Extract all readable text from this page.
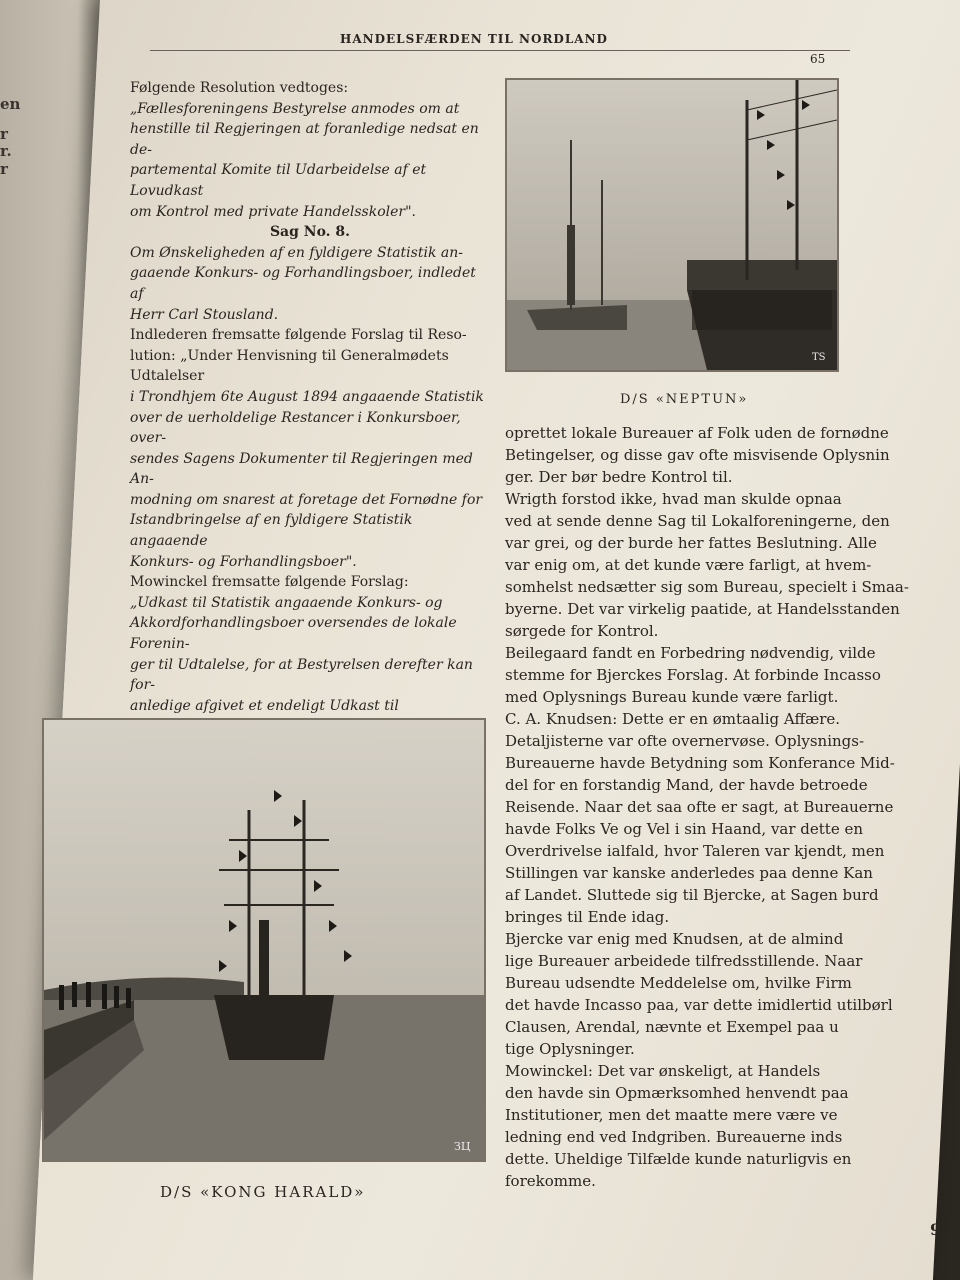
en
r
r.
r
HANDELSFÆRDEN TIL NORDLAND
65

Følgende Resolution vedtoges:

„Fællesforeningens Bestyrelse anmodes om at

henstille til Regjeringen at foranledige nedsat en de-

partemental Komite til Udarbeidelse af et Lovudkast

om Kontrol med private Handelsskoler".

Sag No. 8.

Om Ønskeligheden af en fyldigere Statistik an-

gaaende Konkurs- og Forhandlingsboer, indledet af

Herr Carl Stousland.

Indlederen fremsatte følgende Forslag til Reso-

lution: „Under Henvisning til Generalmødets Udtalelser

i Trondhjem 6te August 1894 angaaende Statistik

over de uerholdelige Restancer i Konkursboer, over-

sendes Sagens Dokumenter til Regjeringen med An-

modning om snarest at foretage det Fornødne for

Istandbringelse af en fyldigere Statistik angaaende

Konkurs- og Forhandlingsboer".

Mowinckel fremsatte følgende Forslag:

„Udkast til Statistik angaaende Konkurs- og

Akkordforhandlingsboer oversendes de lokale Forenin-

ger til Udtalelse, for at Bestyrelsen derefter kan for-

anledige afgivet et endeligt Udkast til

TS
D/S «NEPTUN»

oprettet lokale Bureauer af Folk uden de fornødne

Betingelser, og disse gav ofte misvisende Oplysnin

ger. Der bør bedre Kontrol til.

Wrigth forstod ikke, hvad man skulde opnaa

ved at sende denne Sag til Lokalforeningerne, den

var grei, og der burde her fattes Beslutning. Alle

var enig om, at det kunde være farligt, at hvem-

somhelst nedsætter sig som Bureau, specielt i Smaa-

byerne. Det var virkelig paatide, at Handelsstanden

sørgede for Kontrol.

Beilegaard fandt en Forbedring nødvendig, vilde

stemme for Bjerckes Forslag. At forbinde Incasso

med Oplysnings Bureau kunde være farligt.

C. A. Knudsen: Dette er en ømtaalig Affære.

Detaljisterne var ofte overnervøse. Oplysnings-

Bureauerne havde Betydning som Konferance Mid-

del for en forstandig Mand, der havde betroede

Reisende. Naar det saa ofte er sagt, at Bureauerne

havde Folks Ve og Vel i sin Haand, var dette en

Overdrivelse ialfald, hvor Taleren var kjendt, men

Stillingen var kanske anderledes paa denne Kan

af Landet. Sluttede sig til Bjercke, at Sagen burd

bringes til Ende idag.

Bjercke var enig med Knudsen, at de almind

lige Bureauer arbeidede tilfredsstillende. Naar

Bureau udsendte Meddelelse om, hvilke Firm

det havde Incasso paa, var dette imidlertid utilbørl

Clausen, Arendal, nævnte et Exempel paa u

tige Oplysninger.

Mowinckel: Det var ønskeligt, at Handels

den havde sin Opmærksomhed henvendt paa

Institutioner, men det maatte mere være ve

ledning end ved Indgriben. Bureauerne inds

dette. Uheldige Tilfælde kunde naturligvis en

forekomme.

ЗЦ
D/S «KONG HARALD»
9
